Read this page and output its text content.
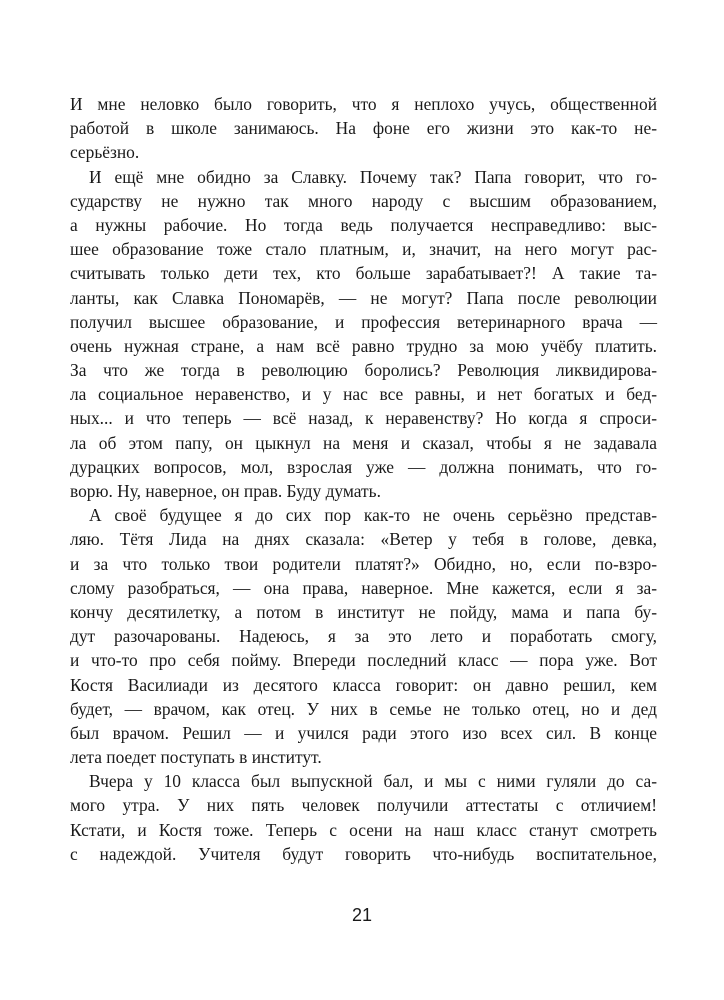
И мне неловко было говорить, что я неплохо учусь, общественной
работой в школе занимаюсь. На фоне его жизни это как-то не-
серьёзно.
И ещё мне обидно за Славку. Почему так? Папа говорит, что го-
сударству не нужно так много народу с высшим образованием,
а нужны рабочие. Но тогда ведь получается несправедливо: выс-
шее образование тоже стало платным, и, значит, на него могут рас-
считывать только дети тех, кто больше зарабатывает?! А такие та-
ланты, как Славка Пономарёв, — не могут? Папа после революции
получил высшее образование, и профессия ветеринарного врача —
очень нужная стране, а нам всё равно трудно за мою учёбу платить.
За что же тогда в революцию боролись? Революция ликвидирова-
ла социальное неравенство, и у нас все равны, и нет богатых и бед-
ных... и что теперь — всё назад, к неравенству? Но когда я спроси-
ла об этом папу, он цыкнул на меня и сказал, чтобы я не задавала
дурацких вопросов, мол, взрослая уже — должна понимать, что го-
ворю. Ну, наверное, он прав. Буду думать.
А своё будущее я до сих пор как-то не очень серьёзно представ-
ляю. Тётя Лида на днях сказала: «Ветер у тебя в голове, девка,
и за что только твои родители платят?» Обидно, но, если по-взро-
слому разобраться, — она права, наверное. Мне кажется, если я за-
кончу десятилетку, а потом в институт не пойду, мама и папа бу-
дут разочарованы. Надеюсь, я за это лето и поработать смогу,
и что-то про себя пойму. Впереди последний класс — пора уже. Вот
Костя Василиади из десятого класса говорит: он давно решил, кем
будет, — врачом, как отец. У них в семье не только отец, но и дед
был врачом. Решил — и учился ради этого изо всех сил. В конце
лета поедет поступать в институт.
Вчера у 10 класса был выпускной бал, и мы с ними гуляли до са-
мого утра. У них пять человек получили аттестаты с отличием!
Кстати, и Костя тоже. Теперь с осени на наш класс станут смотреть
с надеждой. Учителя будут говорить что-нибудь воспитательное,
21
